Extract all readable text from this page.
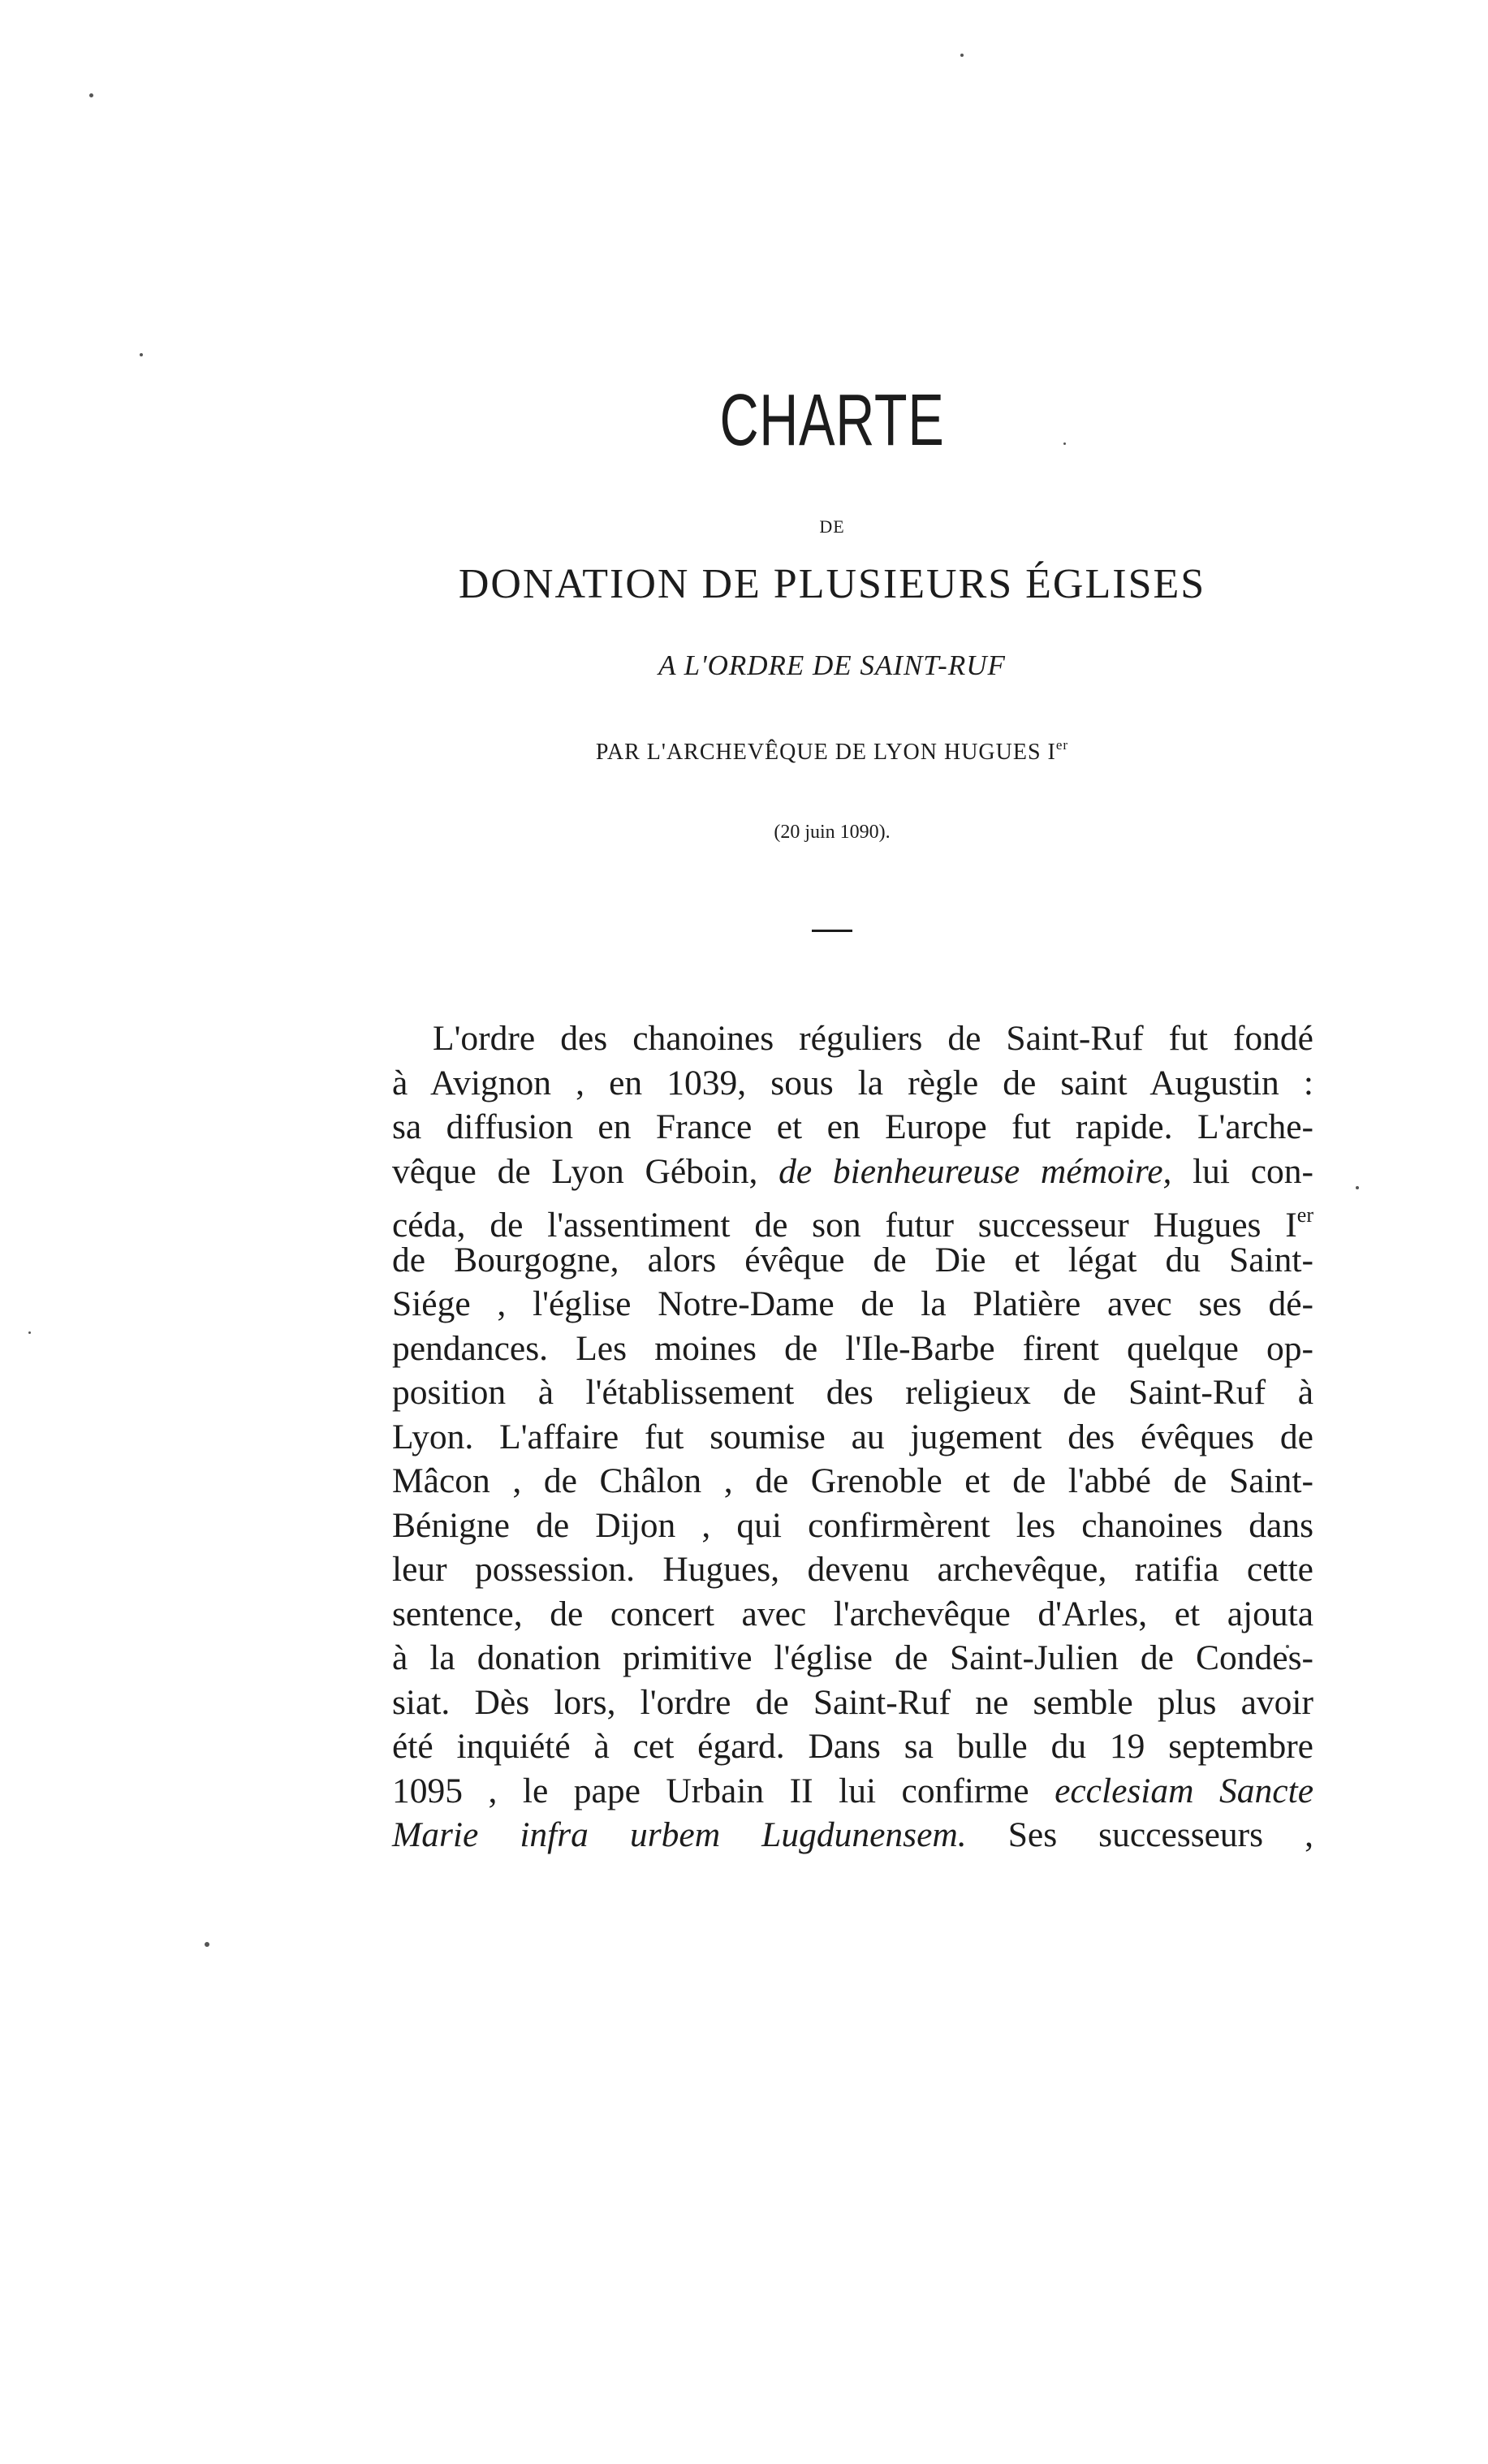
CHARTE

DE

DONATION DE PLUSIEURS ÉGLISES

A L'ORDRE DE SAINT-RUF

PAR L'ARCHEVÊQUE DE LYON HUGUES Ier

(20 juin 1090).

L'ordre des chanoines réguliers de Saint-Ruf fut fondé
à Avignon , en 1039, sous la règle de saint Augustin :
sa diffusion en France et en Europe fut rapide. L'arche-
vêque de Lyon Géboin, de bienheureuse mémoire, lui con-
céda, de l'assentiment de son futur successeur Hugues Ier
de Bourgogne, alors évêque de Die et légat du Saint-
Siége , l'église Notre-Dame de la Platière avec ses dé-
pendances. Les moines de l'Ile-Barbe firent quelque op-
position à l'établissement des religieux de Saint-Ruf à
Lyon. L'affaire fut soumise au jugement des évêques de
Mâcon , de Châlon , de Grenoble et de l'abbé de Saint-
Bénigne de Dijon , qui confirmèrent les chanoines dans
leur possession. Hugues, devenu archevêque, ratifia cette
sentence, de concert avec l'archevêque d'Arles, et ajouta
à la donation primitive l'église de Saint-Julien de Condes-
siat. Dès lors, l'ordre de Saint-Ruf ne semble plus avoir
été inquiété à cet égard. Dans sa bulle du 19 septembre
1095 , le pape Urbain II lui confirme ecclesiam Sancte
Marie infra urbem Lugdunensem. Ses successeurs ,
